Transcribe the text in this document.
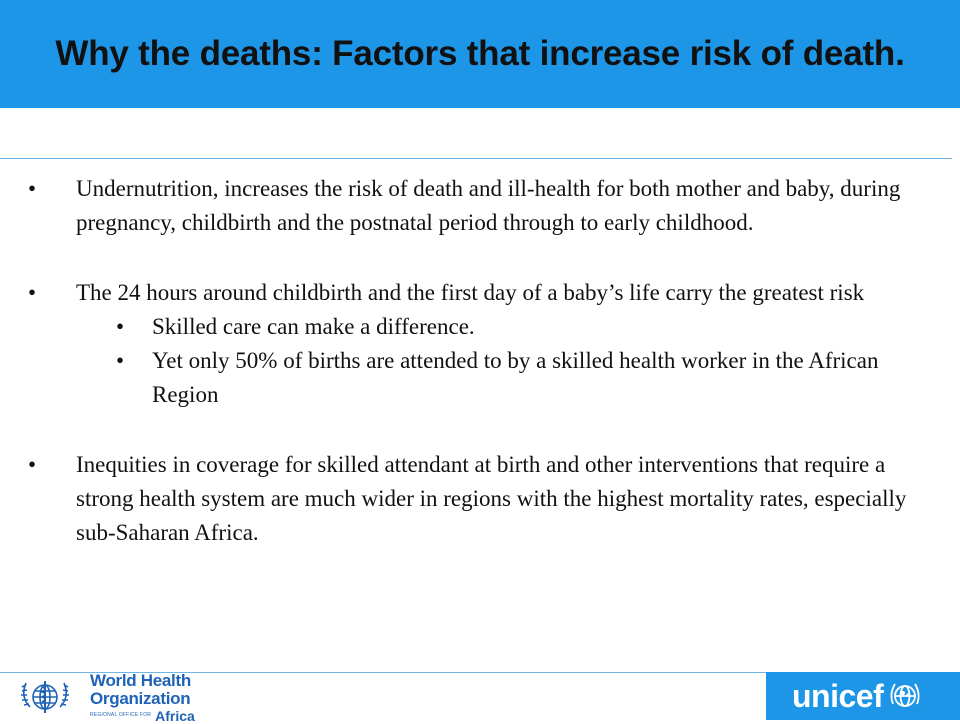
Why the deaths: Factors that increase risk of death.
•	Undernutrition, increases the risk of death and ill-health for both mother and baby, during pregnancy, childbirth and the postnatal period through to early childhood.
•	The 24 hours around childbirth and the first day of a baby’s life carry the greatest risk
•	Skilled care can make a difference.
•	Yet only 50% of births are attended to by a skilled health worker in the African Region
•	Inequities in coverage for skilled attendant at birth and other interventions that require a strong health system are much wider in regions with the highest mortality rates, especially sub-Saharan Africa.
World Health
Organization
REGIONAL OFFICE FOR Africa
unicef
